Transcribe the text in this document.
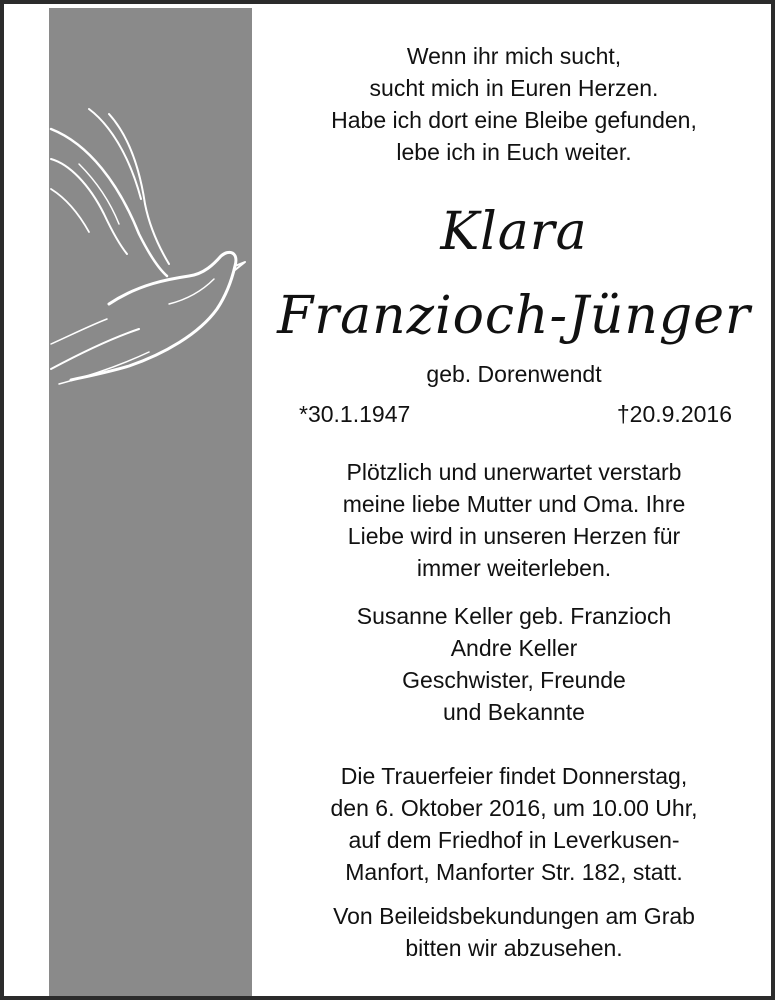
Wenn ihr mich sucht,
sucht mich in Euren Herzen.
Habe ich dort eine Bleibe gefunden,
lebe ich in Euch weiter.
Klara
Franzioch-Jünger
geb. Dorenwendt
*30.1.1947	†20.9.2016
Plötzlich und unerwartet verstarb
meine liebe Mutter und Oma. Ihre
Liebe wird in unseren Herzen für
immer weiterleben.
Susanne Keller geb. Franzioch
Andre Keller
Geschwister, Freunde
und Bekannte
Die Trauerfeier findet Donnerstag,
den 6. Oktober 2016, um 10.00 Uhr,
auf dem Friedhof in Leverkusen-
Manfort, Manforter Str. 182, statt.
Von Beileidsbekundungen am Grab
bitten wir abzusehen.
